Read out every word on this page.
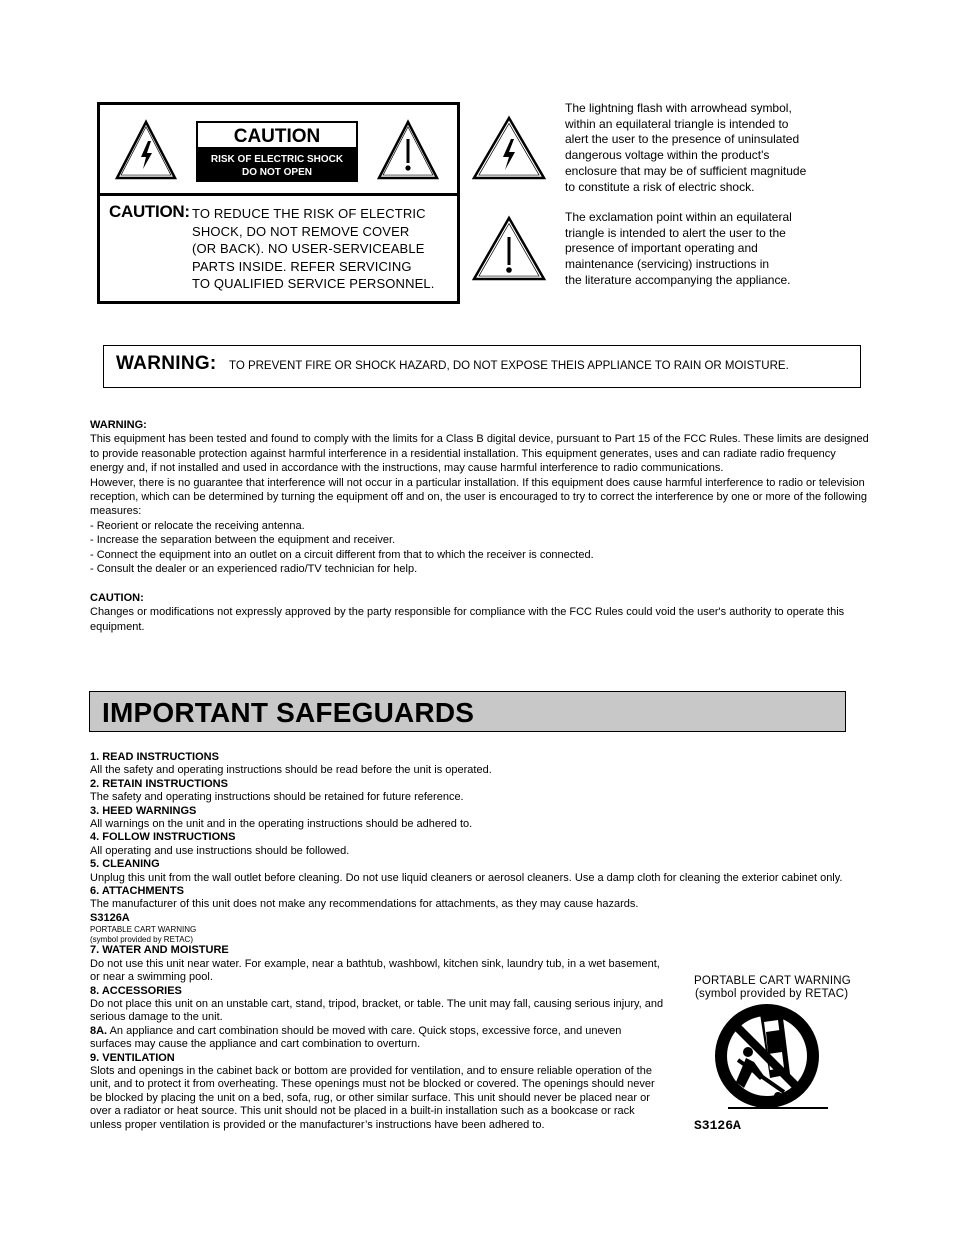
CAUTION
RISK OF ELECTRIC SHOCK
DO NOT OPEN
CAUTION: TO REDUCE THE RISK OF ELECTRIC
SHOCK, DO NOT REMOVE COVER
(OR BACK). NO USER-SERVICEABLE
PARTS INSIDE. REFER SERVICING
TO QUALIFIED SERVICE PERSONNEL.
The lightning flash with arrowhead symbol,
within an equilateral triangle is intended to
alert the user to the presence of uninsulated
dangerous voltage within the product's
enclosure that may be of sufficient magnitude
to constitute a risk of electric shock.
The exclamation point within an equilateral
triangle is intended to alert the user to the
presence of important operating and
maintenance (servicing) instructions in
the literature accompanying the appliance.
WARNING: TO PREVENT FIRE OR SHOCK HAZARD, DO NOT EXPOSE THEIS APPLIANCE TO RAIN OR MOISTURE.

WARNING:

This equipment has been tested and found to comply with the limits for a Class B digital device, pursuant to Part 15 of the FCC Rules. These limits are designed to provide reasonable protection against harmful interference in a residential installation. This equipment generates, uses and can radiate radio frequency energy and, if not installed and used in accordance with the instructions, may cause harmful interference to radio communications.

However, there is no guarantee that interference will not occur in a particular installation. If this equipment does cause harmful interference to radio or television reception, which can be determined by turning the equipment off and on, the user is encouraged to try to correct the interference by one or more of the following measures:

- Reorient or relocate the receiving antenna.

- Increase the separation between the equipment and receiver.

- Connect the equipment into an outlet on a circuit different from that to which the receiver is connected.

- Consult the dealer or an experienced radio/TV technician for help.

CAUTION:

Changes or modifications not expressly approved by the party responsible for compliance with the FCC Rules could void the user's authority to operate this equipment.

IMPORTANT SAFEGUARDS
1. READ INSTRUCTIONS
All the safety and operating instructions should be read before the unit is operated.
2. RETAIN INSTRUCTIONS
The safety and operating instructions should be retained for future reference.
3. HEED WARNINGS
All warnings on the unit and in the operating instructions should be adhered to.
4. FOLLOW INSTRUCTIONS
All operating and use instructions should be followed.
5. CLEANING
Unplug this unit from the wall outlet before cleaning. Do not use liquid cleaners or aerosol cleaners. Use a damp cloth for cleaning the exterior cabinet only.
6. ATTACHMENTS
The manufacturer of this unit does not make any recommendations for attachments, as they may cause hazards.
S3126A
PORTABLE CART WARNING
(symbol provided by RETAC)
7. WATER AND MOISTURE
Do not use this unit near water. For example, near a bathtub, washbowl, kitchen sink, laundry tub, in a wet basement, or near a swimming pool.
8. ACCESSORIES
Do not place this unit on an unstable cart, stand, tripod, bracket, or table. The unit may fall, causing serious injury, and serious damage to the unit.
8A. An appliance and cart combination should be moved with care. Quick stops, excessive force, and uneven surfaces may cause the appliance and cart combination to overturn.
9. VENTILATION
Slots and openings in the cabinet back or bottom are provided for ventilation, and to ensure reliable operation of the unit, and to protect it from overheating. These openings must not be blocked or covered. The openings should never be blocked by placing the unit on a bed, sofa, rug, or other similar surface. This unit should never be placed near or over a radiator or heat source. This unit should not be placed in a built-in installation such as a bookcase or rack unless proper ventilation is provided or the manufacturer’s instructions have been adhered to.
PORTABLE CART WARNING
(symbol provided by RETAC)
S3126A
